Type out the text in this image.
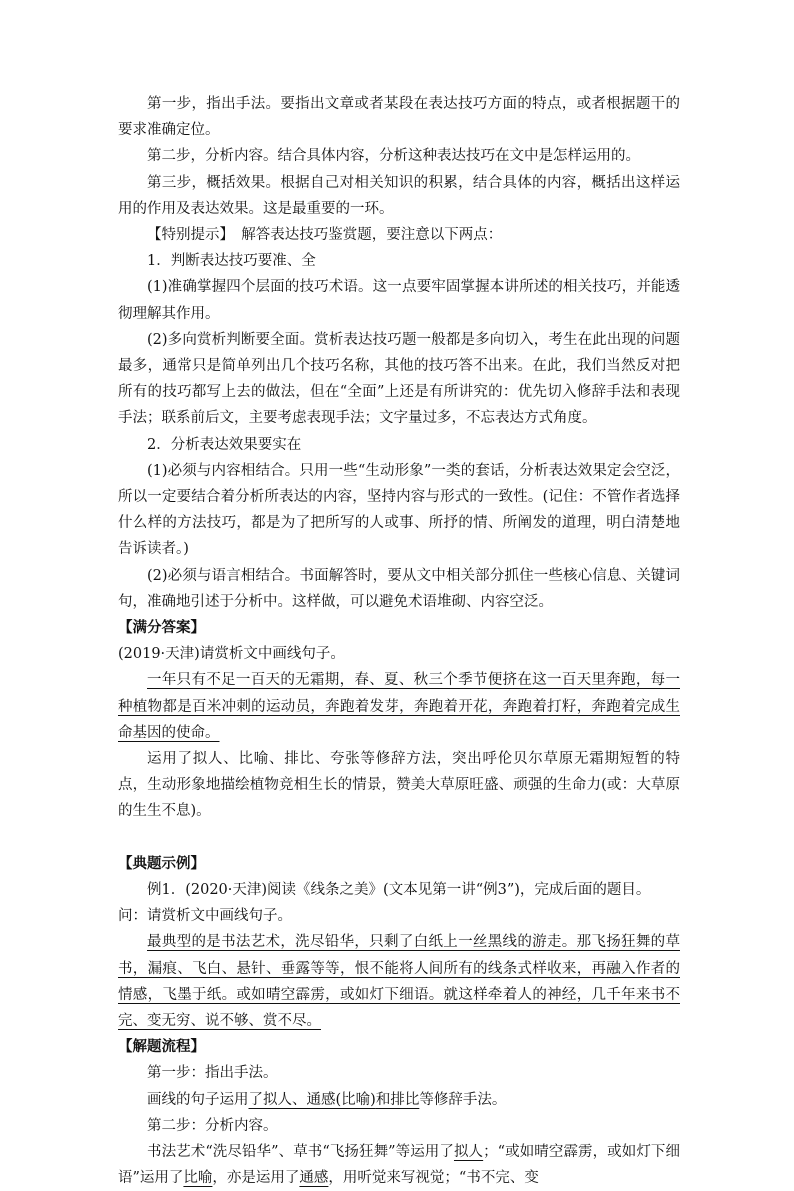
第一步，指出手法。要指出文章或者某段在表达技巧方面的特点，或者根据题干的要求准确定位。

第二步，分析内容。结合具体内容，分析这种表达技巧在文中是怎样运用的。

第三步，概括效果。根据自己对相关知识的积累，结合具体的内容，概括出这样运用的作用及表达效果。这是最重要的一环。

【特别提示】　解答表达技巧鉴赏题，要注意以下两点：

1．判断表达技巧要准、全

(1)准确掌握四个层面的技巧术语。这一点要牢固掌握本讲所述的相关技巧，并能透彻理解其作用。

(2)多向赏析判断要全面。赏析表达技巧题一般都是多向切入，考生在此出现的问题最多，通常只是简单列出几个技巧名称，其他的技巧答不出来。在此，我们当然反对把所有的技巧都写上去的做法，但在“全面”上还是有所讲究的：优先切入修辞手法和表现手法；联系前后文，主要考虑表现手法；文字量过多，不忘表达方式角度。

2．分析表达效果要实在

(1)必须与内容相结合。只用一些“生动形象”一类的套话，分析表达效果定会空泛，所以一定要结合着分析所表达的内容，坚持内容与形式的一致性。(记住：不管作者选择什么样的方法技巧，都是为了把所写的人或事、所抒的情、所阐发的道理，明白清楚地告诉读者。)

(2)必须与语言相结合。书面解答时，要从文中相关部分抓住一些核心信息、关键词句，准确地引述于分析中。这样做，可以避免术语堆砌、内容空泛。

【满分答案】

(2019·天津)请赏析文中画线句子。

一年只有不足一百天的无霜期，春、夏、秋三个季节便挤在这一百天里奔跑，每一种植物都是百米冲刺的运动员，奔跑着发芽，奔跑着开花，奔跑着打籽，奔跑着完成生命基因的使命。

运用了拟人、比喻、排比、夸张等修辞方法，突出呼伦贝尔草原无霜期短暂的特点，生动形象地描绘植物竞相生长的情景，赞美大草原旺盛、顽强的生命力(或：大草原的生生不息)。

【典题示例】

例1．(2020·天津)阅读《线条之美》(文本见第一讲“例3”)，完成后面的题目。

问：请赏析文中画线句子。

最典型的是书法艺术，洗尽铅华，只剩了白纸上一丝黑线的游走。那飞扬狂舞的草书，漏痕、飞白、悬针、垂露等等，恨不能将人间所有的线条式样收来，再融入作者的情感，飞墨于纸。或如晴空霹雳，或如灯下细语。就这样牵着人的神经，几千年来书不完、变无穷、说不够、赏不尽。

【解题流程】

第一步：指出手法。

画线的句子运用了拟人、通感(比喻)和排比等修辞手法。

第二步：分析内容。

书法艺术“洗尽铅华”、草书“飞扬狂舞”等运用了拟人；“或如晴空霹雳，或如灯下细语”运用了比喻，亦是运用了通感，用听觉来写视觉；“书不完、变
